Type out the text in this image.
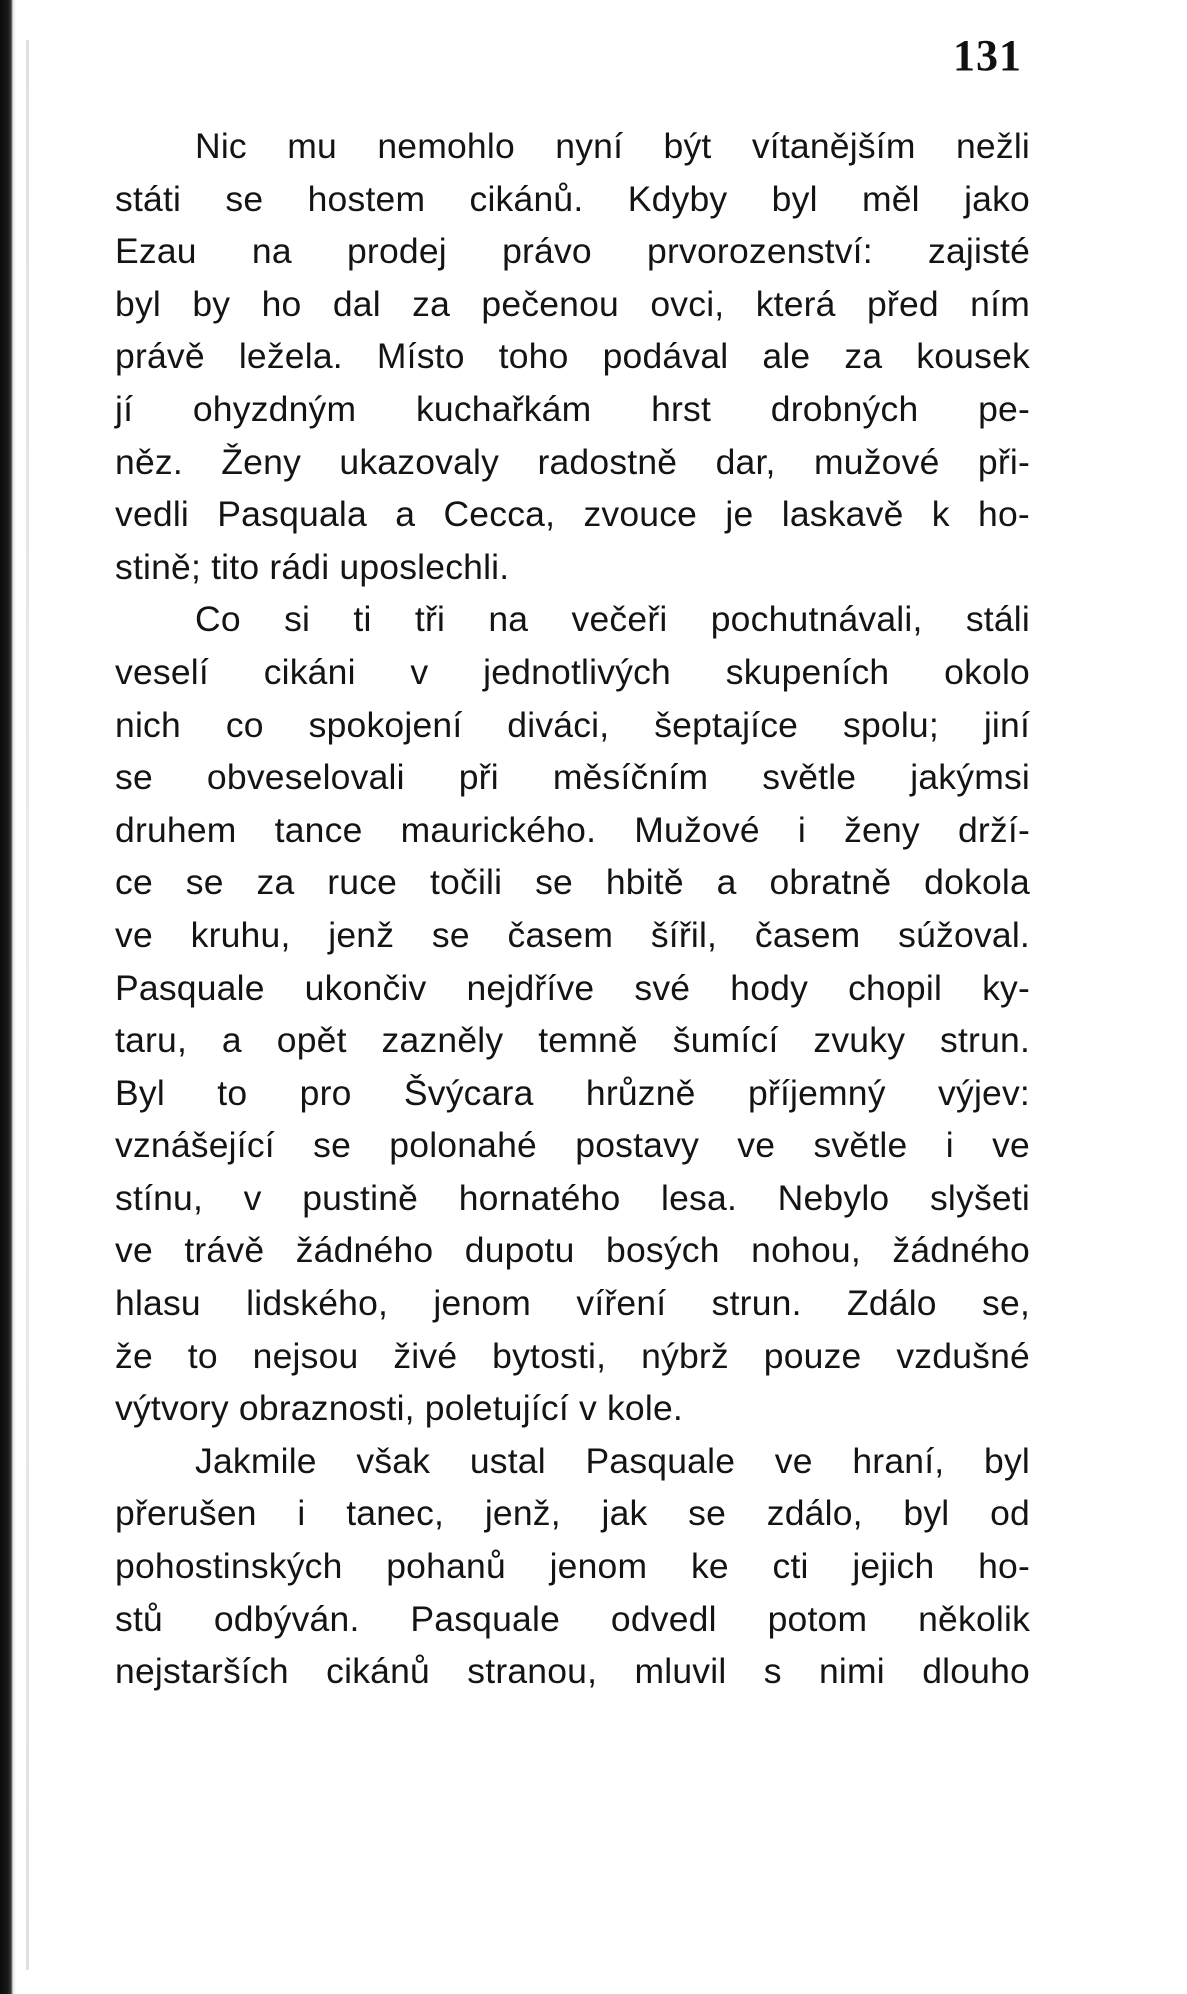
131
Nic mu nemohlo nyní být vítanějším nežli
státi se hostem cikánů. Kdyby byl měl jako
Ezau na prodej právo prvorozenství: zajisté
byl by ho dal za pečenou ovci, která před ním
právě ležela. Místo toho podával ale za kousek
jí ohyzdným kuchařkám hrst drobných pe-
něz. Ženy ukazovaly radostně dar, mužové při-
vedli Pasquala a Cecca, zvouce je laskavě k ho-
stině; tito rádi uposlechli.
Co si ti tři na večeři pochutnávali, stáli
veselí cikáni v jednotlivých skupeních okolo
nich co spokojení diváci, šeptajíce spolu; jiní
se obveselovali při měsíčním světle jakýmsi
druhem tance maurického. Mužové i ženy drží-
ce se za ruce točili se hbitě a obratně dokola
ve kruhu, jenž se časem šířil, časem súžoval.
Pasquale ukončiv nejdříve své hody chopil ky-
taru, a opět zazněly temně šumící zvuky strun.
Byl to pro Švýcara hrůzně příjemný výjev:
vznášející se polonahé postavy ve světle i ve
stínu, v pustině hornatého lesa. Nebylo slyšeti
ve trávě žádného dupotu bosých nohou, žádného
hlasu lidského, jenom víření strun. Zdálo se,
že to nejsou živé bytosti, nýbrž pouze vzdušné
výtvory obraznosti, poletující v kole.
Jakmile však ustal Pasquale ve hraní, byl
přerušen i tanec, jenž, jak se zdálo, byl od
pohostinských pohanů jenom ke cti jejich ho-
stů odbýván. Pasquale odvedl potom několik
nejstarších cikánů stranou, mluvil s nimi dlouho
